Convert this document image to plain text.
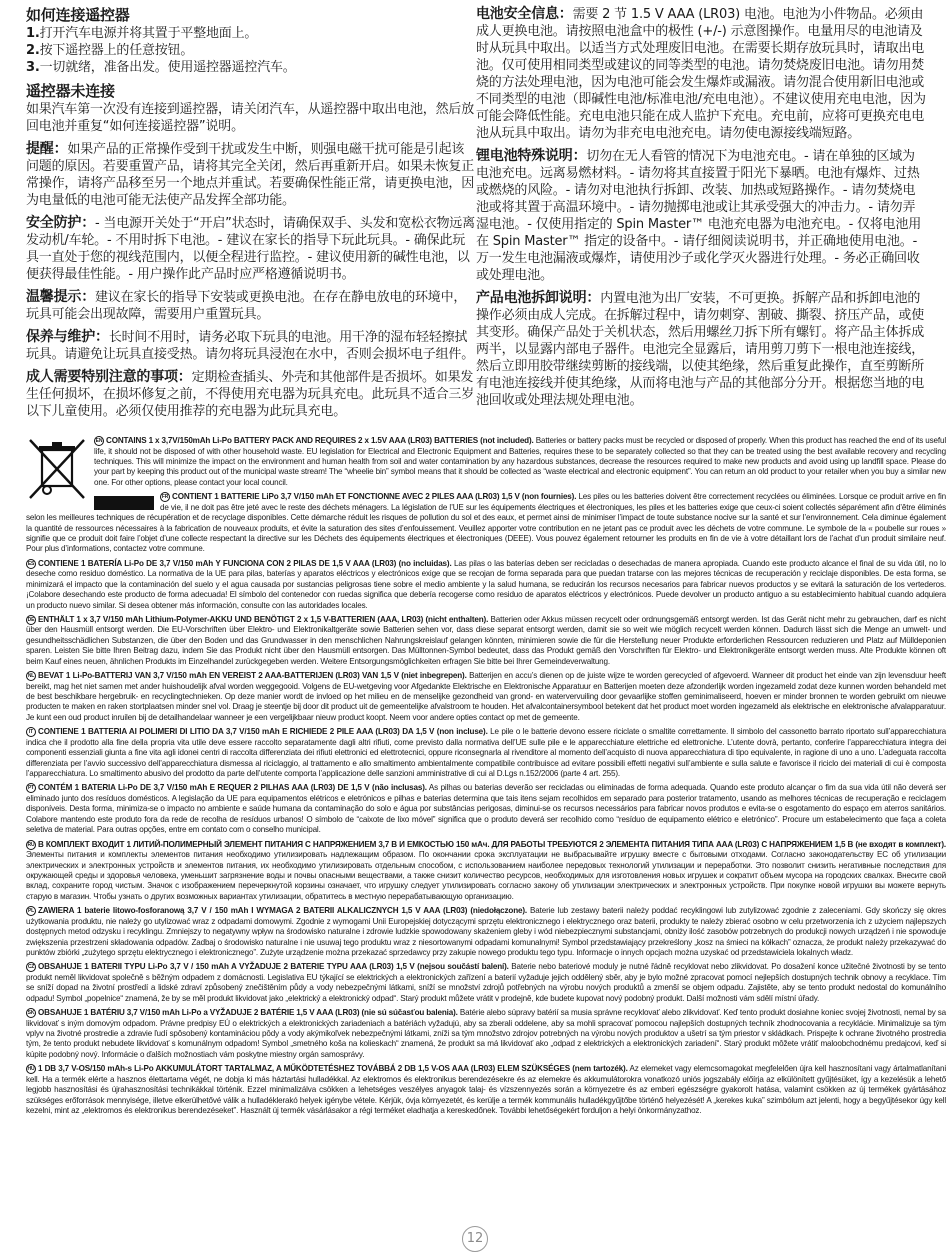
如何连接遥控器
1.打开汽车电源并将其置于平整地面上。
2.按下遥控器上的任意按钮。
3.一切就绪，准备出发。使用遥控器遥控汽车。
遥控器未连接

如果汽车第一次没有连接到遥控器，请关闭汽车，从遥控器中取出电池，然后放回电池并重复“如何连接遥控器”说明。

提醒：如果产品的正常操作受到干扰或发生中断，则强电磁干扰可能是引起该问题的原因。若要重置产品，请将其完全关闭，然后再重新开启。如果未恢复正常操作，请将产品移至另一个地点并重试。若要确保性能正常，请更换电池，因为电量低的电池可能无法使产品发挥全部功能。

安全防护：- 当电源开关处于“开启”状态时，请确保双手、头发和宽松衣物远离发动机/车轮。- 不用时拆下电池。- 建议在家长的指导下玩此玩具。- 确保此玩具一直处于您的视线范围内，以便全程进行监控。- 建议使用新的碱性电池，以便获得最佳性能。- 用户操作此产品时应严格遵循说明书。

温馨提示：建议在家长的指导下安装或更换电池。在存在静电放电的环境中，玩具可能会出现故障，需要用户重置玩具。

保养与维护：长时间不用时，请务必取下玩具的电池。用干净的湿布轻轻擦拭玩具。请避免让玩具直接受热。请勿将玩具浸泡在水中，否则会损坏电子组件。

成人需要特别注意的事项：定期检查插头、外壳和其他部件是否损坏。如果发生任何损坏，在损坏修复之前，不得使用充电器为玩具充电。此玩具不适合三岁以下儿童使用。必须仅使用推荐的充电器为此玩具充电。

电池安全信息：需要 2 节 1.5 V AAA (LR03) 电池。电池为小件物品。必须由成人更换电池。请按照电池盒中的极性 (+/-) 示意图操作。电量用尽的电池请及时从玩具中取出。以适当方式处理废旧电池。在需要长期存放玩具时，请取出电池。仅可使用相同类型或建议的同等类型的电池。请勿焚烧废旧电池。请勿用焚烧的方法处理电池，因为电池可能会发生爆炸或漏液。请勿混合使用新旧电池或不同类型的电池（即碱性电池/标准电池/充电电池）。不建议使用充电电池，因为可能会降低性能。充电电池只能在成人监护下充电。充电前，应将可更换充电电池从玩具中取出。请勿为非充电电池充电。请勿使电源接线端短路。

锂电池特殊说明：切勿在无人看管的情况下为电池充电。- 请在单独的区域为电池充电。远离易燃材料。- 请勿将其直接置于阳光下暴晒。电池有爆炸、过热或燃烧的风险。- 请勿对电池执行拆卸、改装、加热或短路操作。- 请勿焚烧电池或将其置于高温环境中。- 请勿抛掷电池或让其承受强大的冲击力。- 请勿弄湿电池。- 仅使用指定的 Spin Master™ 电池充电器为电池充电。- 仅将电池用在 Spin Master™ 指定的设备中。- 请仔细阅读说明书，并正确地使用电池。- 万一发生电池漏液或爆炸，请使用沙子或化学灭火器进行处理。- 务必正确回收或处理电池。

产品电池拆卸说明：内置电池为出厂安装，不可更换。拆解产品和拆卸电池的操作必须由成人完成。在拆解过程中，请勿刺穿、割破、撕裂、挤压产品，或使其变形。确保产品处于关机状态，然后用螺丝刀拆下所有螺钉。将产品主体拆成两半，以显露内部电子器件。电池完全显露后，请用剪刀剪下一根电池连接线，然后立即用胶带继续剪断的接线端，以使其绝缘，然后重复此操作，直至剪断所有电池连接线并使其绝缘，从而将电池与产品的其他部分分开。根据您当地的电池回收或处理法规处理电池。

EN CONTAINS 1 x 3,7V/150mAh Li-Po BATTERY PACK AND REQUIRES 2 x 1.5V AAA (LR03) BATTERIES (not included). Batteries or battery packs must be recycled or disposed of properly. When this product has reached the end of its useful life, it should not be disposed of with other household waste. EU legislation for Electrical and Electronic Equipment and Batteries, requires these to be separately collected so that they can be treated using the best available recovery and recycling techniques. This will minimize the impact on the environment and human health from soil and water contamination by any hazardous substances, decrease the resources required to make new products and avoid using up landfill space. Please do your part by keeping this product out of the municipal waste stream! The “wheelie bin” symbol means that it should be collected as “waste electrical and electronic equipment”. You can return an old product to your retailer when you buy a similar new one. For other options, please contact your local council.

FR CONTIENT 1 BATTERIE LiPo 3,7 V/150 mAh ET FONCTIONNE AVEC 2 PILES AAA (LR03) 1,5 V (non fournies). Les piles ou les batteries doivent être correctement recyclées ou éliminées. Lorsque ce produit arrive en fin de vie, il ne doit pas être jeté avec le reste des déchets ménagers. La législation de l’UE sur les équipements électriques et électroniques, les piles et les batteries exige que ceux-ci soient collectés séparément afin d’être éliminés selon les meilleures techniques de récupération et de recyclage disponibles. Cette démarche réduit les risques de pollution du sol et des eaux, et permet ainsi de minimiser l’impact de toute substance nocive sur la santé et sur l’environnement. Cela diminue également la quantité de ressources nécessaires à la fabrication de nouveaux produits, et évite la saturation des sites d’enfouissement. Veuillez apporter votre contribution en ne jetant pas ce produit avec les déchets de votre commune. Le symbole de la « poubelle sur roues » signifie que ce produit doit faire l’objet d’une collecte respectant la directive sur les Déchets des équipements électriques et électroniques (DEEE). Vous pouvez également retourner les produits en fin de vie à votre détaillant lors de l’achat d’un produit similaire neuf. Pour plus d’informations, contactez votre commune.

ES CONTIENE 1 BATERÍA Li-Po DE 3,7 V/150 mAh Y FUNCIONA CON 2 PILAS DE 1,5 V AAA (LR03) (no incluidas). Las pilas o las baterías deben ser recicladas o desechadas de manera apropiada. Cuando este producto alcance el final de su vida útil, no lo deseche como residuo doméstico. La normativa de la UE para pilas, baterías y aparatos eléctricos y electrónicos exige que se recojan de forma separada para que puedan tratarse con las mejores técnicas de recuperación y reciclaje disponibles. De esta forma, se minimizará el impacto que la contaminación del suelo y el agua causada por sustancias peligrosas tiene sobre el medio ambiente y la salud humana, se reducirán los recursos necesarios para fabricar nuevos productos y se evitará la saturación de los vertederos. ¡Colabore desechando este producto de forma adecuada! El símbolo del contenedor con ruedas significa que debería recogerse como residuo de aparatos eléctricos y electrónicos. Puede devolver un producto antiguo a su establecimiento habitual cuando adquiera un producto nuevo similar. Si desea obtener más información, consulte con las autoridades locales.

DE ENTHÄLT 1 x 3,7 V/150 mAh Lithium-Polymer-AKKU UND BENÖTIGT 2 x 1,5 V-BATTERIEN (AAA, LR03) (nicht enthalten). Batterien oder Akkus müssen recycelt oder ordnungsgemäß entsorgt werden. Ist das Gerät nicht mehr zu gebrauchen, darf es nicht über den Hausmüll entsorgt werden. Die EU-Vorschriften über Elektro- und Elektronikaltgeräte sowie Batterien sehen vor, dass diese separat entsorgt werden, damit sie so weit wie möglich recycelt werden können. Dadurch lässt sich die Menge an umwelt- und gesundheitsschädlichen Substanzen, die über den Boden und das Grundwasser in den menschlichen Nahrungskreislauf gelangen könnten, minimieren sowie die für die Herstellung neuer Produkte erforderlichen Ressourcen reduzieren und Platz auf Mülldeponien sparen. Leisten Sie bitte Ihren Beitrag dazu, indem Sie das Produkt nicht über den Hausmüll entsorgen. Das Mülltonnen-Symbol bedeutet, dass das Produkt gemäß den Vorschriften für Elektro- und Elektronikgeräte entsorgt werden muss. Alte Produkte können oft beim Kauf eines neuen, ähnlichen Produkts im Einzelhandel zurückgegeben werden. Weitere Entsorgungsmöglichkeiten erfragen Sie bitte bei Ihrer Gemeindeverwaltung.

NL BEVAT 1 Li-Po-BATTERIJ VAN 3,7 V/150 mAh EN VEREIST 2 AAA-BATTERIJEN (LR03) VAN 1,5 V (niet inbegrepen). Batterijen en accu’s dienen op de juiste wijze te worden gerecycled of afgevoerd. Wanneer dit product het einde van zijn levensduur heeft bereikt, mag het niet samen met ander huishoudelijk afval worden weggegooid. Volgens de EU-wetgeving voor Afgedankte Elektrische en Elektronische Apparatuur en Batterijen moeten deze afzonderlijk worden ingezameld zodat deze kunnen worden behandeld met de best beschikbare hergebruik- en recyclingtechnieken. Op deze manier wordt de invloed op het milieu en de menselijke gezondheid van grond- en watervervuiling door gevaarlijke stoffen geminimaliseerd, hoeven er minder bronnen te worden gebruikt om nieuwe producten te maken en raken stortplaatsen minder snel vol. Draag je steentje bij door dit product uit de gemeentelijke afvalstroom te houden. Het afvalcontainersymbool betekent dat het product moet worden ingezameld als elektrische en elektronische afvalapparatuur. Je kunt een oud product inruilen bij de detailhandelaar wanneer je een vergelijkbaar nieuw product koopt. Neem voor andere opties contact op met de gemeente.

IT CONTIENE 1 BATTERIA AI POLIMERI DI LITIO DA 3,7 V/150 mAh E RICHIEDE 2 PILE AAA (LR03) DA 1,5 V (non incluse). Le pile o le batterie devono essere riciclate o smaltite correttamente. Il simbolo del cassonetto barrato riportato sull’apparecchiatura indica che il prodotto alla fine della propria vita utile deve essere raccolto separatamente dagli altri rifiuti, come previsto dalla normativa dell’UE sulle pile e le apparecchiature elettriche ed elettroniche. L’utente dovrà, pertanto, conferire l’apparecchiatura integra dei componenti essenziali giunta a fine vita agli idonei centri di raccolta differenziata dei rifiuti elettronici ed elettrotecnici, oppure riconsegnarla al rivenditore al momento dell’acquisto di nuova apparecchiatura di tipo equivalente, in ragione di uno a uno. L’adeguata raccolta differenziata per l’avvio successivo dell’apparecchiatura dismessa al riciclaggio, al trattamento e allo smaltimento ambientalmente compatibile contribuisce ad evitare possibili effetti negativi sull’ambiente e sulla salute e favorisce il riciclo dei materiali di cui è composta l’apparecchiatura. Lo smaltimento abusivo del prodotto da parte dell’utente comporta l’applicazione delle sanzioni amministrative di cui al D.Lgs n.152/2006 (parte 4 art. 255).

PT CONTÉM 1 BATERIA Li-Po DE 3,7 V/150 mAh E REQUER 2 PILHAS AAA (LR03) DE 1,5 V (não inclusas). As pilhas ou baterias deverão ser recicladas ou eliminadas de forma adequada. Quando este produto alcançar o fim da sua vida útil não deverá ser eliminado junto dos resíduos domésticos. A legislação da UE para equipamentos elétricos e eletrónicos e pilhas e baterias determina que tais itens sejam recolhidos em separado para posterior tratamento, usando as melhores técnicas de recuperação e reciclagem disponíveis. Desta forma, minimiza-se o impacto no ambiente e saúde humana da contaminação do solo e água por substâncias perigosas, diminui-se os recursos necessários para fabricar novos produtos e evita-se o esgotamento do espaço em aterros sanitários. Colabore mantendo este produto fora da rede de recolha de resíduos urbanos! O símbolo de “caixote de lixo móvel” significa que o produto deverá ser recolhido como “resíduo de equipamento elétrico e eletrónico”. Procure um estabelecimento que faça a coleta seletiva de material. Para outras opções, entre em contato com o conselho municipal.

RU В КОМПЛЕКТ ВХОДИТ 1 ЛИТИЙ-ПОЛИМЕРНЫЙ ЭЛЕМЕНТ ПИТАНИЯ С НАПРЯЖЕНИЕМ 3,7 В И ЕМКОСТЬЮ 150 мАч. ДЛЯ РАБОТЫ ТРЕБУЮТСЯ 2 ЭЛЕМЕНТА ПИТАНИЯ ТИПА AAA (LR03) С НАПРЯЖЕНИЕМ 1,5 В (не входят в комплект). Элементы питания и комплекты элементов питания необходимо утилизировать надлежащим образом. По окончании срока эксплуатации не выбрасывайте игрушку вместе с бытовыми отходами. Согласно законодательству ЕС об утилизации электрических и электронных устройств и элементов питания, их необходимо утилизировать отдельным способом, с использованием наиболее передовых технологий утилизации и переработки. Это позволит снизить негативные последствия для окружающей среды и здоровья человека, уменьшит загрязнение воды и почвы опасными веществами, а также снизит количество ресурсов, необходимых для изготовления новых игрушек и сократит объем мусора на городских свалках. Внесите свой вклад, сохраните город чистым. Значок с изображением перечеркнутой корзины означает, что игрушку следует утилизировать согласно закону об утилизации электрических и электронных устройств. При покупке новой игрушки вы можете вернуть старую в магазин. Чтобы узнать о других возможных вариантах утилизации, обратитесь в местную перерабатывающую организацию.

PL ZAWIERA 1 baterie litowo-fosforanową 3,7 V / 150 mAh I WYMAGA 2 BATERII ALKALICZNYCH 1,5 V AAA (LR03) (niedołączone). Baterie lub zestawy baterii należy poddać recyklingowi lub zutylizować zgodnie z zaleceniami. Gdy skończy się okres użytkowania produktu, nie należy go utylizować wraz z odpadami domowymi. Zgodnie z wymogami Unii Europejskiej dotyczącymi sprzętu elektronicznego i elektrycznego oraz baterii, produkty te należy zbierać osobno w celu przetworzenia ich z użyciem najlepszych dostępnych metod odzysku i recyklingu. Zmniejszy to negatywny wpływ na środowisko naturalne i zdrowie ludzkie spowodowany skażeniem gleby i wód niebezpiecznymi substancjami, obniży ilość zasobów potrzebnych do produkcji nowych urządzeń i nie spowoduje zwiększenia przestrzeni składowania odpadów. Zadbaj o środowisko naturalne i nie usuwaj tego produktu wraz z niesortowanymi odpadami komunalnymi! Symbol przedstawiający przekreślony „kosz na śmieci na kółkach” oznacza, że produkt należy przekazywać do punktów zbiórki „zużytego sprzętu elektrycznego i elektronicznego”. Zużyte urządzenie można przekazać sprzedawcy przy zakupie nowego produktu tego typu. Informacje o innych opcjach można uzyskać od przedstawiciela lokalnych władz.

CZ OBSAHUJE 1 BATERII TYPU Li-Po 3,7 V / 150 mAh A VYŽADUJE 2 BATERIE TYPU AAA (LR03) 1,5 V (nejsou součástí balení). Baterie nebo bateriové moduly je nutné řádně recyklovat nebo zlikvidovat. Po dosažení konce užitečné životnosti by se tento produkt neměl likvidovat společně s běžným odpadem z domácnosti. Legislativa EU týkající se elektrických a elektronických zařízení a baterií vyžaduje jejich oddělený sběr, aby je bylo možné zpracovat pomocí nejlepších dostupných technik obnovy a recyklace. Tím se sníží dopad na životní prostředí a lidské zdraví způsobený znečištěním půdy a vody nebezpečnými látkami, sníží se množství zdrojů potřebných na výrobu nových produktů a zmenší se objem odpadu. Zajistěte, aby se tento produkt nedostal do komunálního odpadu! Symbol „popelnice“ znamená, že by se měl produkt likvidovat jako „elektrický a elektronický odpad“. Starý produkt můžete vrátit v prodejně, kde budete kupovat nový podobný produkt. Další možnosti vám sdělí místní úřady.

SK OBSAHUJE 1 BATÉRIU 3,7 V/150 mAh Li-Po a VYŽADUJE 2 BATÉRIE 1,5 V AAA (LR03) (nie sú súčasťou balenia). Batérie alebo súpravy batérií sa musia správne recyklovať alebo zlikvidovať. Keď tento produkt dosiahne koniec svojej životnosti, nemal by sa likvidovať s iným domovým odpadom. Právne predpisy EÚ o elektrických a elektronických zariadeniach a batériách vyžadujú, aby sa zberali oddelene, aby sa mohli spracovať pomocou najlepších dostupných techník zhodnocovania a recyklácie. Minimalizuje sa tým vplyv na životné prostredie a zdravie ľudí spôsobený kontamináciou pôdy a vody akýmikoľvek nebezpečnými látkami, zníži sa tým množstvo zdrojov potrebných na výrobu nových produktov a ušetrí sa tým priestor v skládkach. Prispejte k ochrane životného prostredia tým, že tento produkt nebudete likvidovať s komunálnym odpadom! Symbol „smetného koša na kolieskach“ znamená, že produkt sa má likvidovať ako „odpad z elektrických a elektronických zariadení“. Starý produkt môžete vrátiť maloobchodnému predajcovi, keď si kúpite podobný nový. Informácie o ďalších možnostiach vám poskytne miestny orgán samosprávy.

HU 1 DB 3,7 V-OS/150 mAh-s Li-Po AKKUMULÁTORT TARTALMAZ, A MŰKÖDTETÉSHEZ TOVÁBBÁ 2 DB 1,5 V-OS AAA (LR03) ELEM SZÜKSÉGES (nem tartozék). Az elemeket vagy elemcsomagokat megfelelően újra kell hasznosítani vagy ártalmatlanítani kell. Ha a termék elérte a hasznos élettartama végét, ne dobja ki más háztartási hulladékkal. Az elektromos és elektronikus berendezésekre és az elemekre és akkumulátorokra vonatkozó uniós jogszabály előírja az elkülönített gyűjtésüket, így a kezelésük a lehető legjobb hasznosítási és újrahasznosítási technikákkal történik. Ezzel minimalizálva csökken a lehetséges veszélyes anyagok talaj- és vízszennyezés során a környezetre és az emberi egészségre gyakorolt hatása, valamint csökken az új termékek gyártásához szükséges erőforrások mennyisége, illetve elkerülhetővé válik a hulladéklerakó helyek igénybe vétele. Kérjük, óvja környezetét, és kerülje a termék kommunális hulladékgyűjtőbe történő helyezését! A „kerekes kuka” szimbólum azt jelenti, hogy a begyűjtésekor úgy kell kezelni, mint az „elektromos és elektronikus berendezéseket”. Használt új termék vásárlásakor a régi terméket eladhatja a kereskedőnek. További lehetőségekért forduljon a helyi önkormányzathoz.

12
